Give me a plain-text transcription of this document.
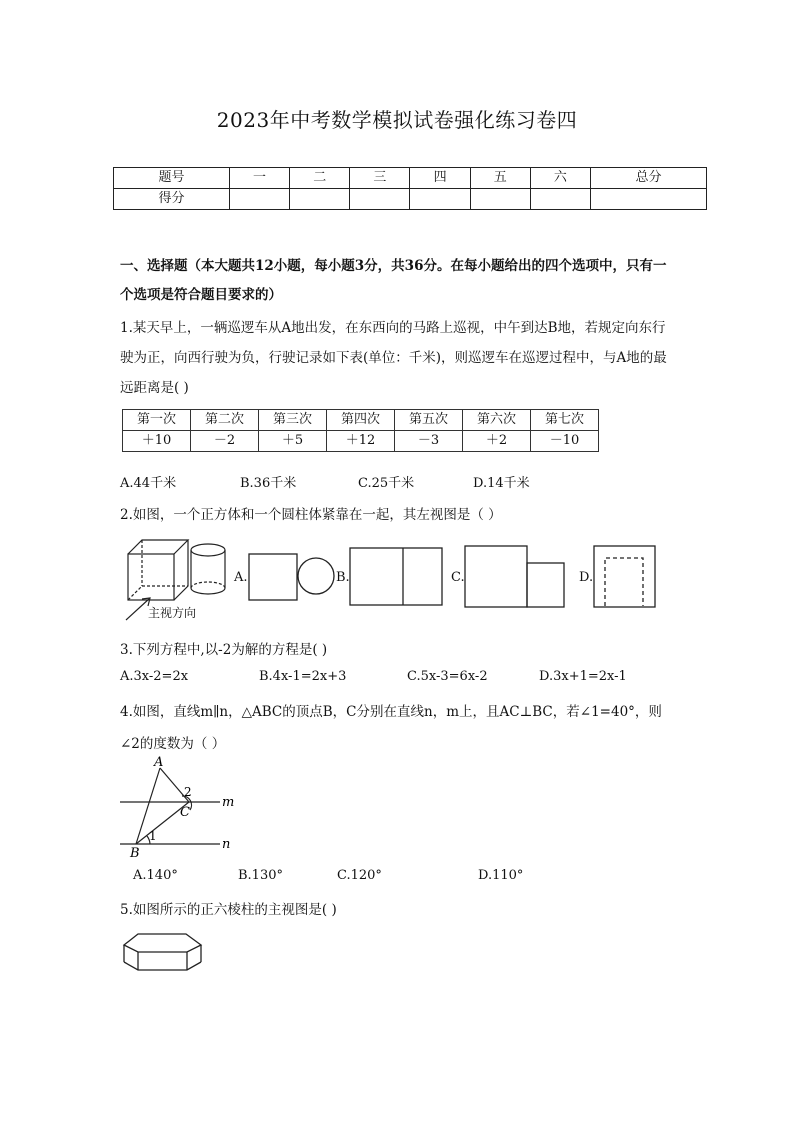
2023年中考数学模拟试卷强化练习卷四
题号	一	二	三	四	五	六	总分
得分							
一、选择题（本大题共12小题，每小题3分，共36分。在每小题给出的四个选项中，只有一
个选项是符合题目要求的）
1.某天早上，一辆巡逻车从A地出发，在东西向的马路上巡视，中午到达B地，若规定向东行
驶为正，向西行驶为负，行驶记录如下表(单位：千米)，则巡逻车在巡逻过程中，与A地的最
远距离是( )
第一次	第二次	第三次	第四次	第五次	第六次	第七次
＋10	－2	＋5	＋12	－3	＋2	－10
A.44千米	B.36千米	C.25千米	D.14千米
2.如图，一个正方体和一个圆柱体紧靠在一起，其左视图是（ ）
主视方向
A.	B.	C.	D.
3.下列方程中,以-2为解的方程是( )
A.3x-2=2x	B.4x-1=2x+3	C.5x-3=6x-2	D.3x+1=2x-1
4.如图，直线m∥n，△ABC的顶点B，C分别在直线n，m上，且AC⊥BC，若∠1=40°，则
∠2的度数为（ ）
A
2
C
m
1
n
B
A.140°	B.130°	C.120°	D.110°
5.如图所示的正六棱柱的主视图是( )
